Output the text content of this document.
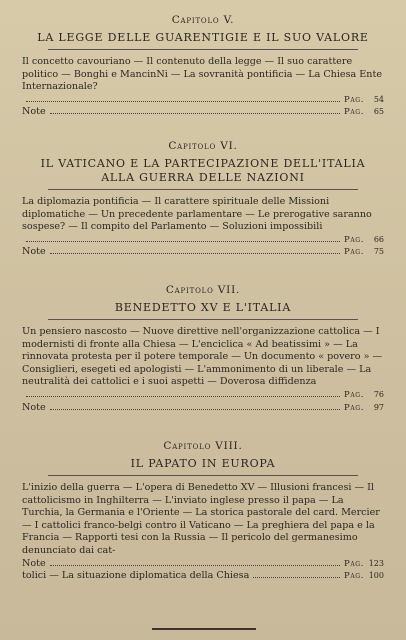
Capitolo V.
LA LEGGE DELLE GUARENTIGIE E IL SUO VALORE

Il concetto cavouriano — Il contenuto della legge — Il suo carattere politico — Bonghi e MancinNi — La sovranità pontificia — La Chiesa Ente Internazionale?

Pag.	54
Note	Pag.	65
Capitolo VI.
IL VATICANO E LA PARTECIPAZIONE DELL'ITALIA ALLA GUERRA DELLE NAZIONI

La diplomazia pontificia — Il carattere spirituale delle Missioni diplomatiche — Un precedente parlamentare — Le prerogative saranno sospese? — Il compito del Parlamento — Soluzioni impossibili

Pag.	66
Note	Pag.	75
Capitolo VII.
BENEDETTO XV E L'ITALIA

Un pensiero nascosto — Nuove direttive nell'organizzazione cattolica — I modernisti di fronte alla Chiesa — L'enciclica « Ad beatissimi » — La rinnovata protesta per il potere temporale — Un documento « povero » — Consiglieri, esegeti ed apologisti — L'ammonimento di un liberale — La neutralità dei cattolici e i suoi aspetti — Doverosa diffidenza

Pag.	76
Note	Pag.	97
Capitolo VIII.
IL PAPATO IN EUROPA

L'inizio della guerra — L'opera di Benedetto XV — Illusioni francesi — Il cattolicismo in Inghilterra — L'inviato inglese presso il papa — La Turchia, la Germania e l'Oriente — La storica pastorale del card. Mercier — I cattolici franco-belgi contro il Vaticano — La preghiera del papa e la Francia — Rapporti tesi con la Russia — Il pericolo del germanesimo denunciato dai cat-

Note	Pag. 123
tolici — La situazione diplomatica della Chiesa	Pag. 100
